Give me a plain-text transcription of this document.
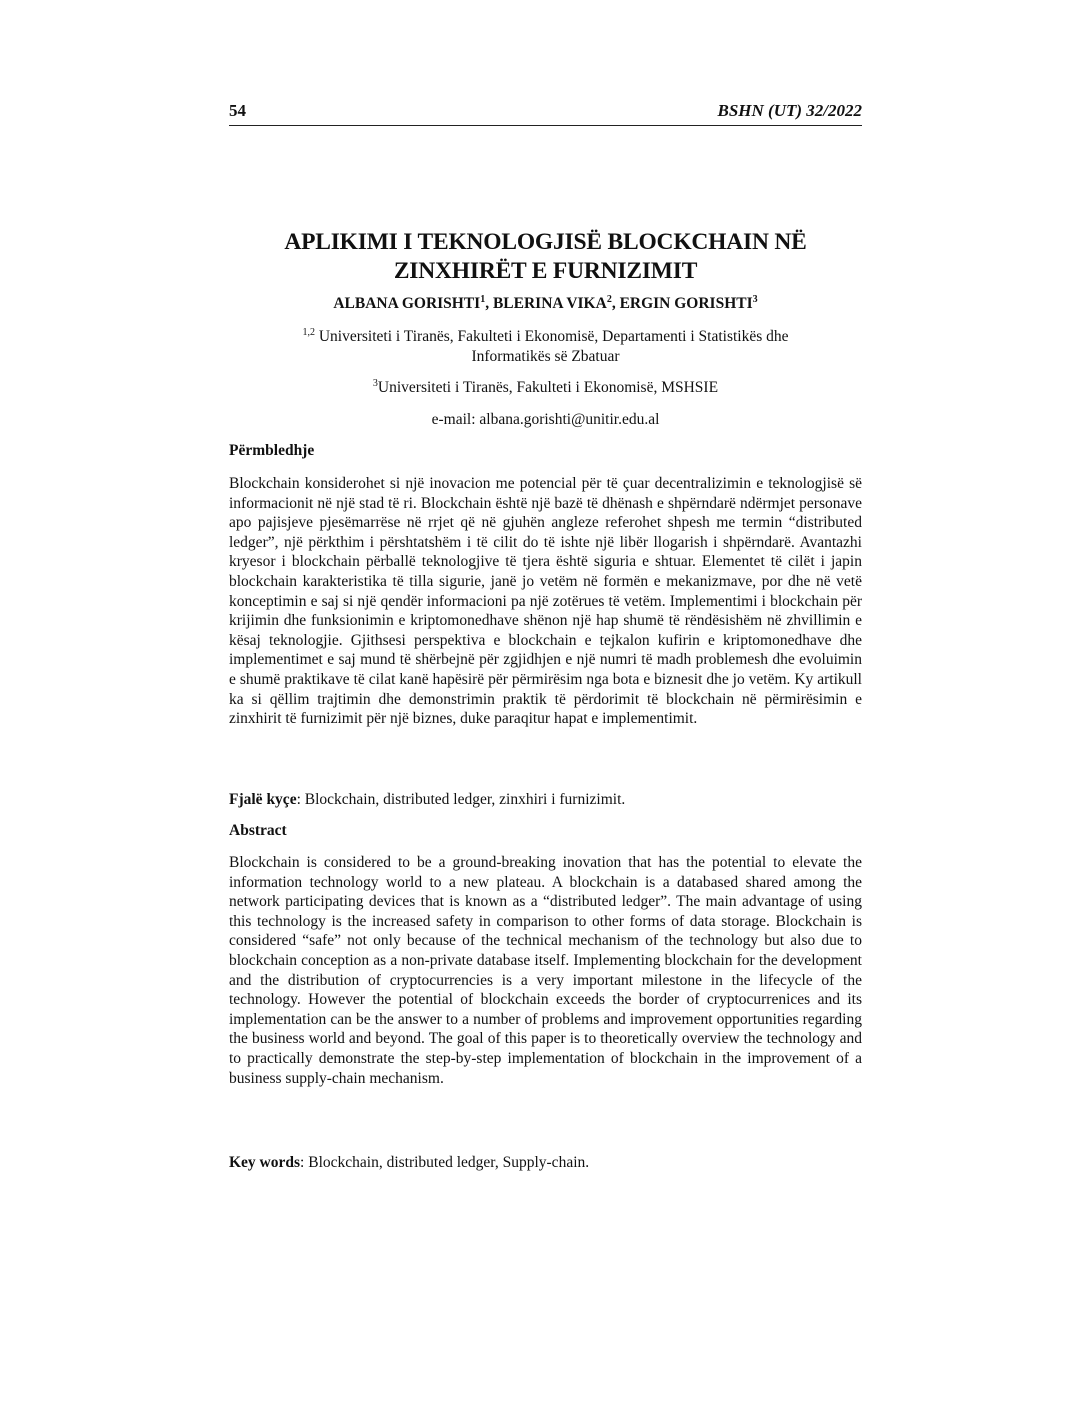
54	BSHN (UT) 32/2022
APLIKIMI I TEKNOLOGJISË BLOCKCHAIN NË
ZINXHIRËT E FURNIZIMIT
ALBANA GORISHTI$^1$, BLERINA VIKA$^2$, ERGIN GORISHTI$^3$
$^{1,2}$ Universiteti i Tiranës, Fakulteti i Ekonomisë, Departamenti i Statistikës dhe
Informatikës së Zbatuar
$^3$Universiteti i Tiranës, Fakulteti i Ekonomisë, MSHSIE
e-mail: albana.gorishti@unitir.edu.al
Përmbledhje

Blockchain konsiderohet si një inovacion me potencial për të çuar decentralizimin e teknologjisë së informacionit në një stad të ri. Blockchain është një bazë të dhënash e shpërndarë ndërmjet personave apo pajisjeve pjesëmarrëse në rrjet që në gjuhën angleze referohet shpesh me termin “distributed ledger”, një përkthim i përshtatshëm i të cilit do të ishte një libër llogarish i shpërndarë. Avantazhi kryesor i blockchain përballë teknologjive të tjera është siguria e shtuar. Elementet të cilët i japin blockchain karakteristika të tilla sigurie, janë jo vetëm në formën e mekanizmave, por dhe në vetë konceptimin e saj si një qendër informacioni pa një zotërues të vetëm. Implementimi i blockchain për krijimin dhe funksionimin e kriptomonedhave shënon një hap shumë të rëndësishëm në zhvillimin e kësaj teknologjie. Gjithsesi perspektiva e blockchain e tejkalon kufirin e kriptomonedhave dhe implementimet e saj mund të shërbejnë për zgjidhjen e një numri të madh problemesh dhe evoluimin e shumë praktikave të cilat kanë hapësirë për përmirësim nga bota e biznesit dhe jo vetëm. Ky artikull ka si qëllim trajtimin dhe demonstrimin praktik të përdorimit të blockchain në përmirësimin e zinxhirit të furnizimit për një biznes, duke paraqitur hapat e implementimit.

Fjalë kyçe: Blockchain, distributed ledger, zinxhiri i furnizimit.
Abstract

Blockchain is considered to be a ground-breaking inovation that has the potential to elevate the information technology world to a new plateau. A blockchain is a databased shared among the network participating devices that is known as a “distributed ledger”. The main advantage of using this technology is the increased safety in comparison to other forms of data storage. Blockchain is considered “safe” not only because of the technical mechanism of the technology but also due to blockchain conception as a non-private database itself. Implementing blockchain for the development and the distribution of cryptocurrencies is a very important milestone in the lifecycle of the technology. However the potential of blockchain exceeds the border of cryptocurrenices and its implementation can be the answer to a number of problems and improvement opportunities regarding the business world and beyond. The goal of this paper is to theoretically overview the technology and to practically demonstrate the step-by-step implementation of blockchain in the improvement of a business supply-chain mechanism.

Key words: Blockchain, distributed ledger, Supply-chain.
